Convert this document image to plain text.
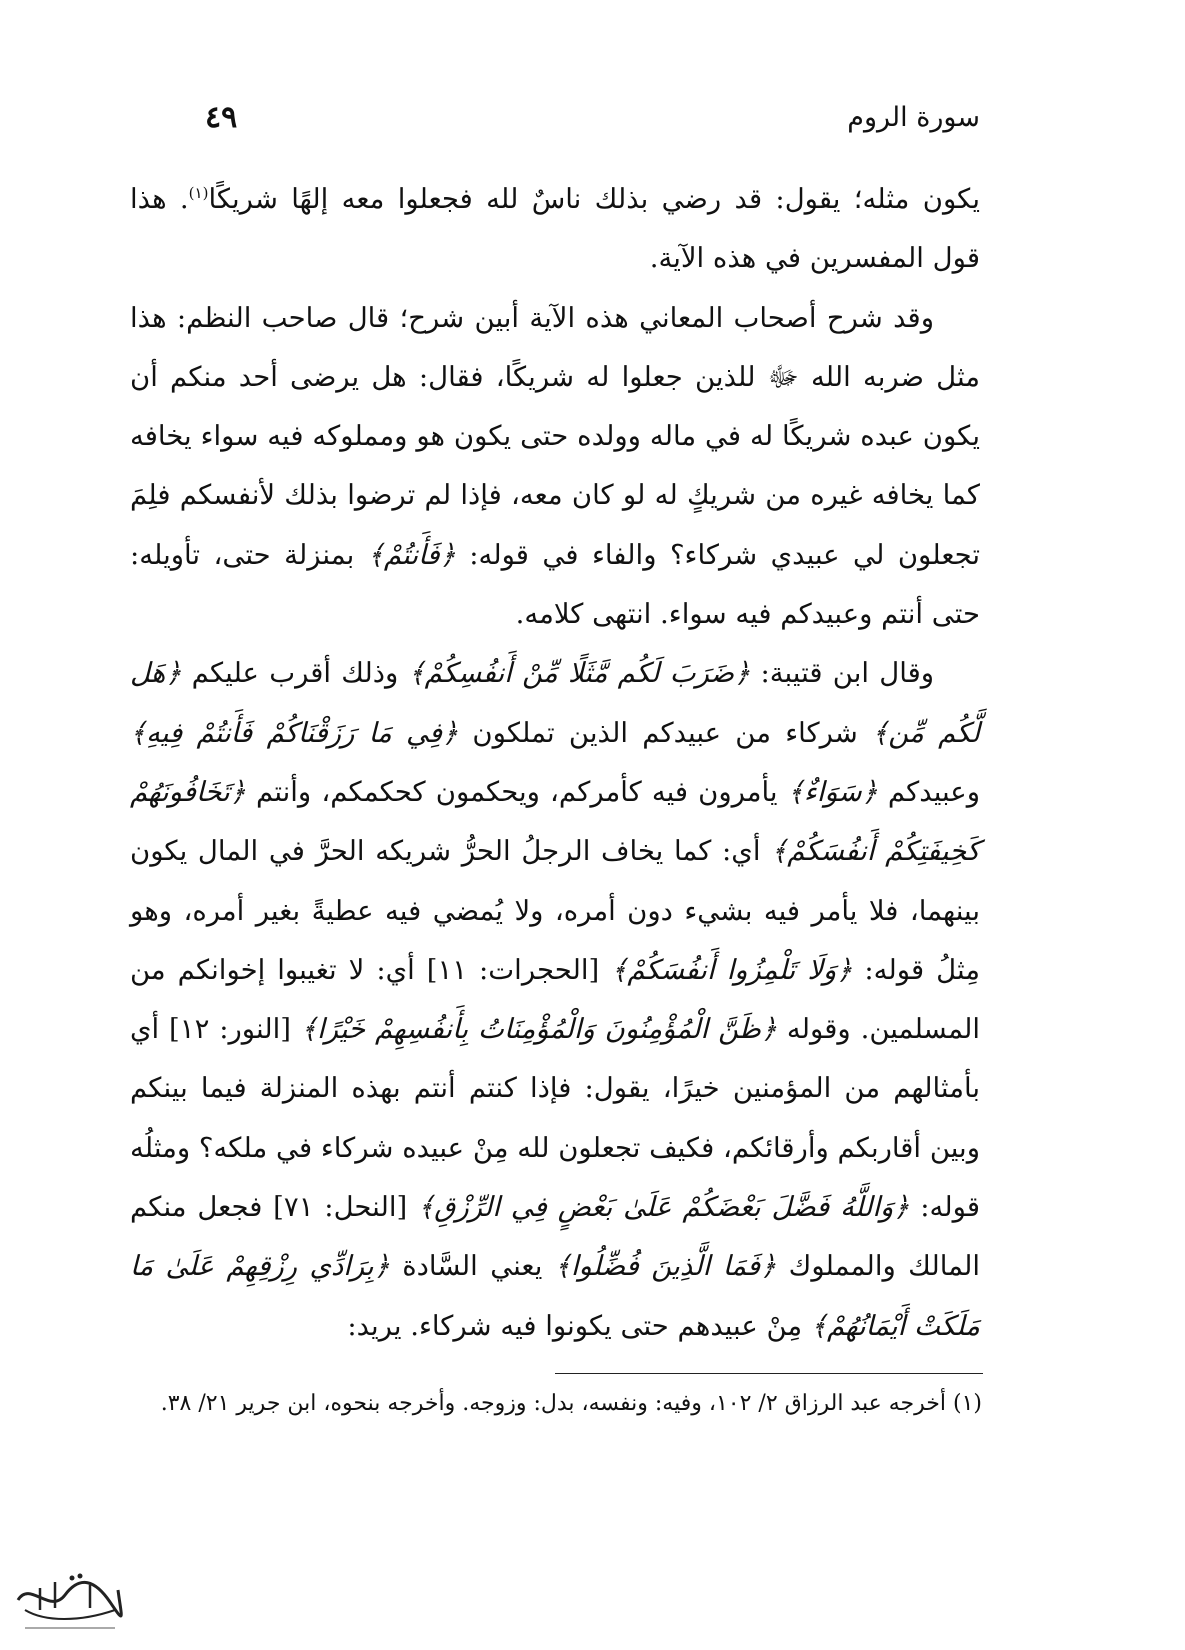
سورة الروم
٤٩

يكون مثله؛ يقول: قد رضي بذلك ناسٌ لله فجعلوا معه إلهًا شريكًا$^{(١)}$. هذا قول المفسرين في هذه الآية.

وقد شرح أصحاب المعاني هذه الآية أبين شرح؛ قال صاحب النظم: هذا مثل ضربه الله ﷻ للذين جعلوا له شريكًا، فقال: هل يرضى أحد منكم أن يكون عبده شريكًا له في ماله وولده حتى يكون هو ومملوكه فيه سواء يخافه كما يخافه غيره من شريكٍ له لو كان معه، فإذا لم ترضوا بذلك لأنفسكم فلِمَ تجعلون لي عبيدي شركاء؟ والفاء في قوله: ﴿فَأَنتُمْ﴾ بمنزلة حتى، تأويله: حتى أنتم وعبيدكم فيه سواء. انتهى كلامه.

وقال ابن قتيبة: ﴿ضَرَبَ لَكُم مَّثَلًا مِّنْ أَنفُسِكُمْ﴾ وذلك أقرب عليكم ﴿هَل لَّكُم مِّن﴾ شركاء من عبيدكم الذين تملكون ﴿فِي مَا رَزَقْنَاكُمْ فَأَنتُمْ فِيهِ﴾ وعبيدكم ﴿سَوَاءٌ﴾ يأمرون فيه كأمركم، ويحكمون كحكمكم، وأنتم ﴿تَخَافُونَهُمْ كَخِيفَتِكُمْ أَنفُسَكُمْ﴾ أي: كما يخاف الرجلُ الحرُّ شريكه الحرَّ في المال يكون بينهما، فلا يأمر فيه بشيء دون أمره، ولا يُمضي فيه عطيةً بغير أمره، وهو مِثلُ قوله: ﴿وَلَا تَلْمِزُوا أَنفُسَكُمْ﴾ [الحجرات: ١١] أي: لا تغيبوا إخوانكم من المسلمين. وقوله ﴿ظَنَّ الْمُؤْمِنُونَ وَالْمُؤْمِنَاتُ بِأَنفُسِهِمْ خَيْرًا﴾ [النور: ١٢] أي بأمثالهم من المؤمنين خيرًا، يقول: فإذا كنتم أنتم بهذه المنزلة فيما بينكم وبين أقاربكم وأرقائكم، فكيف تجعلون لله مِنْ عبيده شركاء في ملكه؟ ومثلُه قوله: ﴿وَاللَّهُ فَضَّلَ بَعْضَكُمْ عَلَىٰ بَعْضٍ فِي الرِّزْقِ﴾ [النحل: ٧١] فجعل منكم المالك والمملوك ﴿فَمَا الَّذِينَ فُضِّلُوا﴾ يعني السَّادة ﴿بِرَادِّي رِزْقِهِمْ عَلَىٰ مَا مَلَكَتْ أَيْمَانُهُمْ﴾ مِنْ عبيدهم حتى يكونوا فيه شركاء. يريد:

(١) أخرجه عبد الرزاق ٢/ ١٠٢، وفيه: ونفسه، بدل: وزوجه. وأخرجه بنحوه، ابن جرير ٢١/ ٣٨.
